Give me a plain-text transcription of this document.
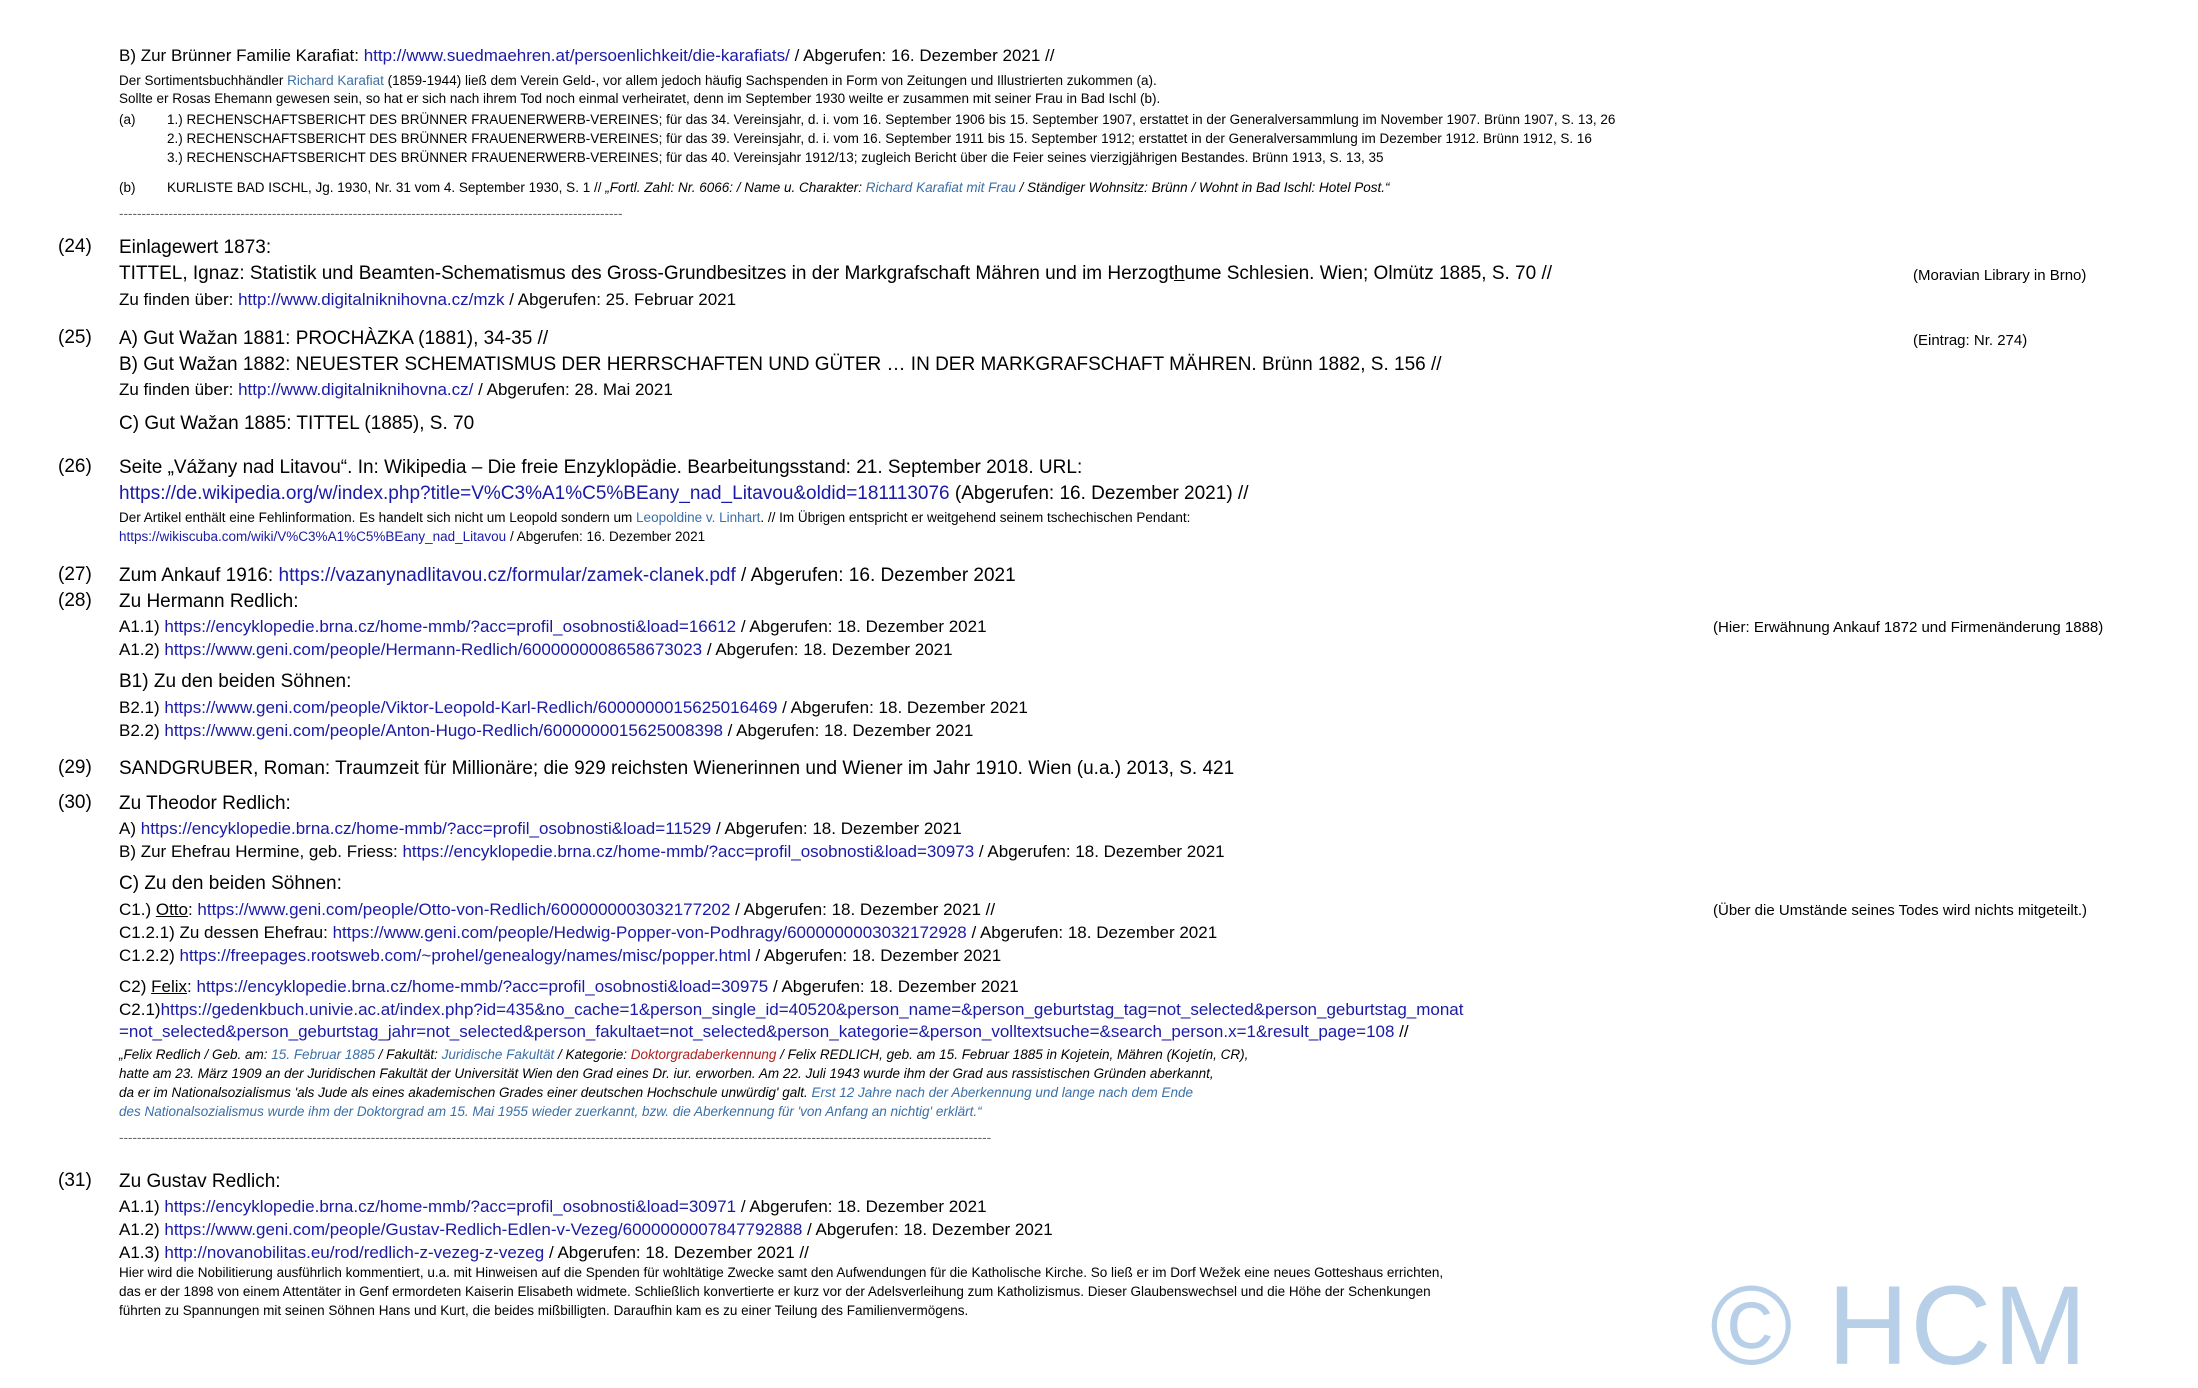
B) Zur Brünner Familie Karafiat: http://www.suedmaehren.at/persoenlichkeit/die-karafiats/ / Abgerufen: 16. Dezember 2021 //
Der Sortimentsbuchhändler Richard Karafiat (1859-1944) ließ dem Verein Geld-, vor allem jedoch häufig Sachspenden in Form von Zeitungen und Illustrierten zukommen (a).
Sollte er Rosas Ehemann gewesen sein, so hat er sich nach ihrem Tod noch einmal verheiratet, denn im September 1930 weilte er zusammen mit seiner Frau in Bad Ischl (b).
(a) 1.) RECHENSCHAFTSBERICHT DES BRÜNNER FRAUENERWERB-VEREINES; für das 34. Vereinsjahr, d. i. vom 16. September 1906 bis 15. September 1907, erstattet in der Generalversammlung im November 1907. Brünn 1907, S. 13, 26
2.) RECHENSCHAFTSBERICHT DES BRÜNNER FRAUENERWERB-VEREINES; für das 39. Vereinsjahr, d. i. vom 16. September 1911 bis 15. September 1912; erstattet in der Generalversammlung im Dezember 1912. Brünn 1912, S. 16
3.) RECHENSCHAFTSBERICHT DES BRÜNNER FRAUENERWERB-VEREINES; für das 40. Vereinsjahr 1912/13; zugleich Bericht über die Feier seines vierzigjährigen Bestandes. Brünn 1913, S. 13, 35
(b) KURLISTE BAD ISCHL, Jg. 1930, Nr. 31 vom 4. September 1930, S. 1 // „Fortl. Zahl: Nr. 6066: / Name u. Charakter: Richard Karafiat mit Frau / Ständiger Wohnsitz: Brünn / Wohnt in Bad Ischl: Hotel Post.“
----------------------------------------------------------------------------------------------------------------
(24) Einlagewert 1873:
TITTEL, Ignaz: Statistik und Beamten-Schematismus des Gross-Grundbesitzes in der Markgrafschaft Mähren und im Herzogthume Schlesien. Wien; Olmütz 1885, S. 70 //	(Moravian Library in Brno)
Zu finden über: http://www.digitalniknihovna.cz/mzk / Abgerufen: 25. Februar 2021
(25) A) Gut Wažan 1881: PROCHÀZKA (1881), 34-35 //	(Eintrag: Nr. 274)
B) Gut Wažan 1882: NEUESTER SCHEMATISMUS DER HERRSCHAFTEN UND GÜTER … IN DER MARKGRAFSCHAFT MÄHREN. Brünn 1882, S. 156 //
Zu finden über: http://www.digitalniknihovna.cz/ / Abgerufen: 28. Mai 2021
C) Gut Wažan 1885: TITTEL (1885), S. 70
(26) Seite „Vážany nad Litavou“. In: Wikipedia – Die freie Enzyklopädie. Bearbeitungsstand: 21. September 2018. URL:
https://de.wikipedia.org/w/index.php?title=V%C3%A1%C5%BEany_nad_Litavou&oldid=181113076 (Abgerufen: 16. Dezember 2021) //
Der Artikel enthält eine Fehlinformation. Es handelt sich nicht um Leopold sondern um Leopoldine v. Linhart. // Im Übrigen entspricht er weitgehend seinem tschechischen Pendant:
https://wikiscuba.com/wiki/V%C3%A1%C5%BEany_nad_Litavou / Abgerufen: 16. Dezember 2021
(27) Zum Ankauf 1916: https://vazanynadlitavou.cz/formular/zamek-clanek.pdf / Abgerufen: 16. Dezember 2021
(28) Zu Hermann Redlich:
A1.1) https://encyklopedie.brna.cz/home-mmb/?acc=profil_osobnosti&load=16612 / Abgerufen: 18. Dezember 2021	(Hier: Erwähnung Ankauf 1872 und Firmenänderung 1888)
A1.2) https://www.geni.com/people/Hermann-Redlich/6000000008658673023 / Abgerufen: 18. Dezember 2021
B1) Zu den beiden Söhnen:
B2.1) https://www.geni.com/people/Viktor-Leopold-Karl-Redlich/6000000015625016469 / Abgerufen: 18. Dezember 2021
B2.2) https://www.geni.com/people/Anton-Hugo-Redlich/6000000015625008398 / Abgerufen: 18. Dezember 2021
(29) SANDGRUBER, Roman: Traumzeit für Millionäre; die 929 reichsten Wienerinnen und Wiener im Jahr 1910. Wien (u.a.) 2013, S. 421
(30) Zu Theodor Redlich:
A) https://encyklopedie.brna.cz/home-mmb/?acc=profil_osobnosti&load=11529 / Abgerufen: 18. Dezember 2021
B) Zur Ehefrau Hermine, geb. Friess: https://encyklopedie.brna.cz/home-mmb/?acc=profil_osobnosti&load=30973 / Abgerufen: 18. Dezember 2021
C) Zu den beiden Söhnen:
C1.) Otto: https://www.geni.com/people/Otto-von-Redlich/6000000003032177202 / Abgerufen: 18. Dezember 2021 //	(Über die Umstände seines Todes wird nichts mitgeteilt.)
C1.2.1) Zu dessen Ehefrau: https://www.geni.com/people/Hedwig-Popper-von-Podhragy/6000000003032172928 / Abgerufen: 18. Dezember 2021
C1.2.2) https://freepages.rootsweb.com/~prohel/genealogy/names/misc/popper.html / Abgerufen: 18. Dezember 2021
C2) Felix: https://encyklopedie.brna.cz/home-mmb/?acc=profil_osobnosti&load=30975 / Abgerufen: 18. Dezember 2021
C2.1)https://gedenkbuch.univie.ac.at/index.php?id=435&no_cache=1&person_single_id=40520&person_name=&person_geburtstag_tag=not_selected&person_geburtstag_monat
=not_selected&person_geburtstag_jahr=not_selected&person_fakultaet=not_selected&person_kategorie=&person_volltextsuche=&search_person.x=1&result_page=108 //
„Felix Redlich / Geb. am: 15. Februar 1885 / Fakultät: Juridische Fakultät / Kategorie: Doktorgradaberkennung / Felix REDLICH, geb. am 15. Februar 1885 in Kojetein, Mähren (Kojetín, CR),
hatte am 23. März 1909 an der Juridischen Fakultät der Universität Wien den Grad eines Dr. iur. erworben. Am 22. Juli 1943 wurde ihm der Grad aus rassistischen Gründen aberkannt,
da er im Nationalsozialismus 'als Jude als eines akademischen Grades einer deutschen Hochschule unwürdig' galt. Erst 12 Jahre nach der Aberkennung und lange nach dem Ende
des Nationalsozialismus wurde ihm der Doktorgrad am 15. Mai 1955 wieder zuerkannt, bzw. die Aberkennung für 'von Anfang an nichtig' erklärt.“
--------------------------------------------------------------------------------------------------------------------------------------------------------------------------------------------------
(31) Zu Gustav Redlich:
A1.1) https://encyklopedie.brna.cz/home-mmb/?acc=profil_osobnosti&load=30971 / Abgerufen: 18. Dezember 2021
A1.2) https://www.geni.com/people/Gustav-Redlich-Edlen-v-Vezeg/6000000007847792888 / Abgerufen: 18. Dezember 2021
A1.3) http://novanobilitas.eu/rod/redlich-z-vezeg-z-vezeg / Abgerufen: 18. Dezember 2021 //
Hier wird die Nobilitierung ausführlich kommentiert, u.a. mit Hinweisen auf die Spenden für wohltätige Zwecke samt den Aufwendungen für die Katholische Kirche. So ließ er im Dorf Wežek eine neues Gotteshaus errichten,
das er der 1898 von einem Attentäter in Genf ermordeten Kaiserin Elisabeth widmete. Schließlich konvertierte er kurz vor der Adelsverleihung zum Katholizismus. Dieser Glaubenswechsel und die Höhe der Schenkungen
führten zu Spannungen mit seinen Söhnen Hans und Kurt, die beides mißbilligten. Daraufhin kam es zu einer Teilung des Familienvermögens.	© HCM
